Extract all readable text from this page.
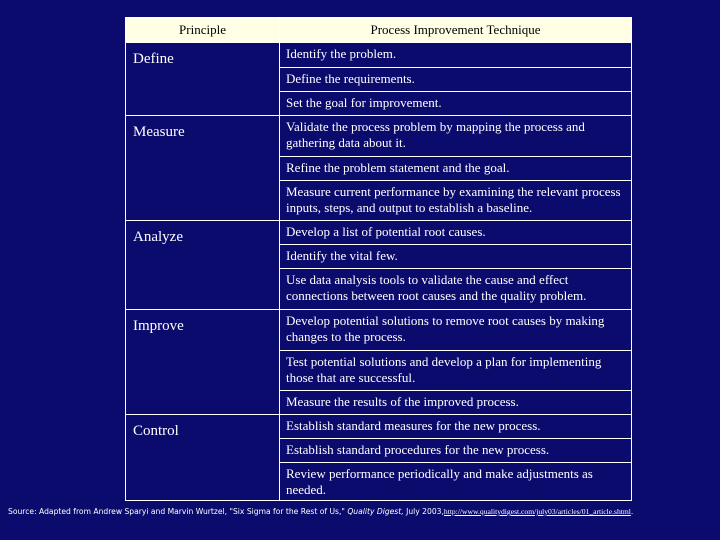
Principle	Process Improvement Technique
Define	Identify the problem.
	Define the requirements.
	Set the goal for improvement.
Measure	Validate the process problem by mapping the process and gathering data about it.
	Refine the problem statement and the goal.
	Measure current performance by examining the relevant process inputs, steps, and output to establish a baseline.
Analyze	Develop a list of potential root causes.
	Identify the vital few.
	Use data analysis tools to validate the cause and effect connections between root causes and the quality problem.
Improve	Develop potential solutions to remove root causes by making changes to the process.
	Test potential solutions and develop a plan for implementing those that are successful.
	Measure the results of the improved process.
Control	Establish standard measures for the new process.
	Establish standard procedures for the new process.
	Review performance periodically and make adjustments as needed.
Source: Adapted from Andrew Sparyi and Marvin Wurtzel, "Six Sigma for the Rest of Us," Quality Digest, July 2003,http://www.qualitydigest.com/july03/articles/01_article.shtml.
